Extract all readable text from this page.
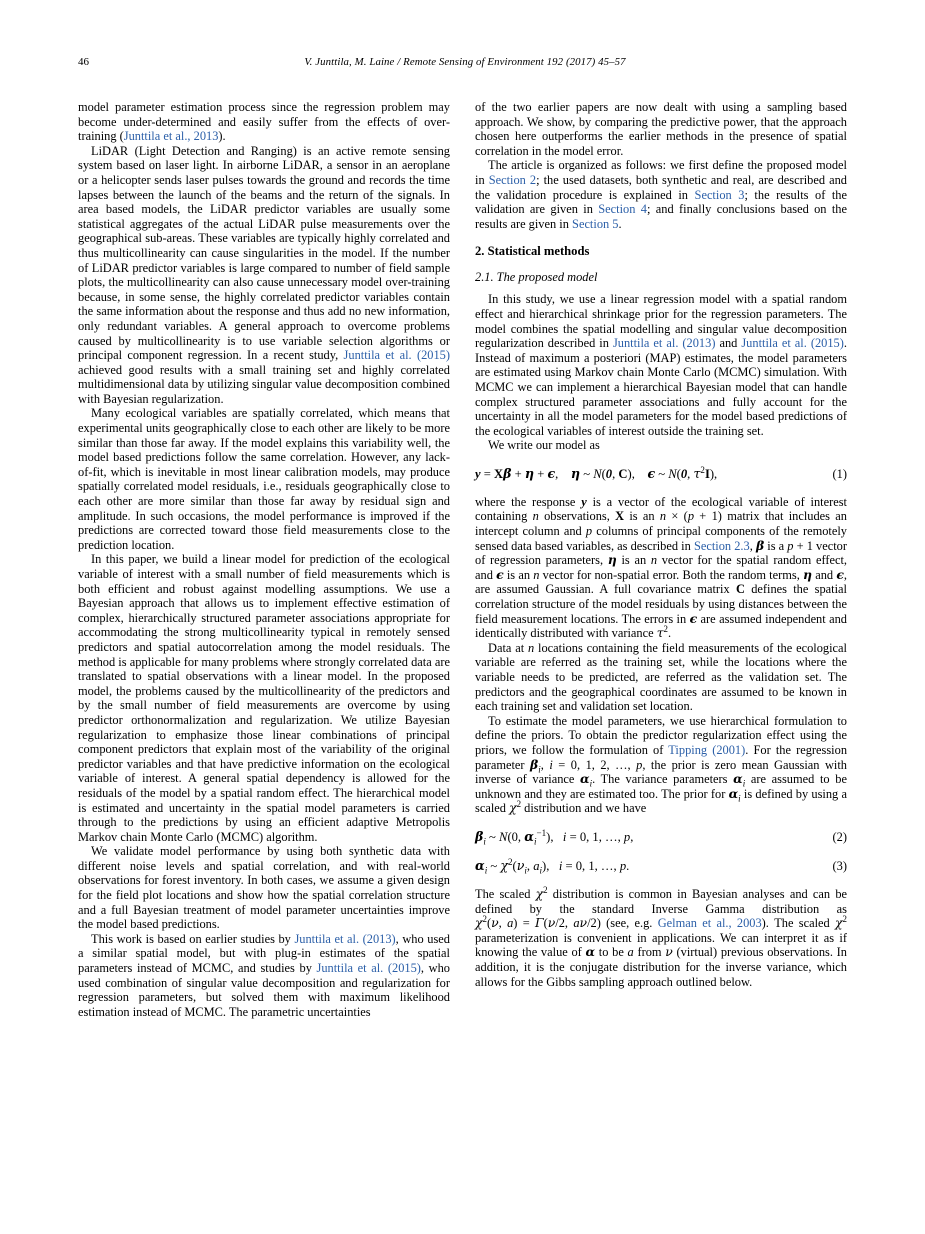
46	V. Junttila, M. Laine / Remote Sensing of Environment 192 (2017) 45–57

model parameter estimation process since the regression problem may become under-determined and easily suffer from the effects of over-training (Junttila et al., 2013).

LiDAR (Light Detection and Ranging) is an active remote sensing system based on laser light. In airborne LiDAR, a sensor in an aeroplane or a helicopter sends laser pulses towards the ground and records the time lapses between the launch of the beams and the return of the signals. In area based models, the LiDAR predictor variables are usually some statistical aggregates of the actual LiDAR pulse measurements over the geographical sub-areas. These variables are typically highly correlated and thus multicollinearity can cause singularities in the model. If the number of LiDAR predictor variables is large compared to number of field sample plots, the multicollinearity can also cause unnecessary model over-training because, in some sense, the highly correlated predictor variables contain the same information about the response and thus add no new information, only redundant variables. A general approach to overcome problems caused by multicollinearity is to use variable selection algorithms or principal component regression. In a recent study, Junttila et al. (2015) achieved good results with a small training set and highly correlated multidimensional data by utilizing singular value decomposition combined with Bayesian regularization.

Many ecological variables are spatially correlated, which means that experimental units geographically close to each other are likely to be more similar than those far away. If the model explains this variability well, the model based predictions follow the same correlation. However, any lack-of-fit, which is inevitable in most linear calibration models, may produce spatially correlated model residuals, i.e., residuals geographically close to each other are more similar than those far away by residual sign and amplitude. In such occasions, the model performance is improved if the predictions are corrected toward those field measurements close to the prediction location.

In this paper, we build a linear model for prediction of the ecological variable of interest with a small number of field measurements which is both efficient and robust against modelling assumptions. We use a Bayesian approach that allows us to implement effective estimation of complex, hierarchically structured parameter associations appropriate for accommodating the strong multicollinearity typical in remotely sensed predictors and spatial autocorrelation among the model residuals. The method is applicable for many problems where strongly correlated data are translated to spatial observations with a linear model. In the proposed model, the problems caused by the multicollinearity of the predictors and by the small number of field measurements are overcome by using predictor orthonormalization and regularization. We utilize Bayesian regularization to emphasize those linear combinations of principal component predictors that explain most of the variability of the original predictor variables and that have predictive information on the ecological variable of interest. A general spatial dependency is allowed for the residuals of the model by a spatial random effect. The hierarchical model is estimated and uncertainty in the spatial model parameters is carried through to the predictions by using an efficient adaptive Metropolis Markov chain Monte Carlo (MCMC) algorithm.

We validate model performance by using both synthetic data with different noise levels and spatial correlation, and with real-world observations for forest inventory. In both cases, we assume a given design for the field plot locations and show how the spatial correlation structure and a full Bayesian treatment of model parameter uncertainties improve the model based predictions.

This work is based on earlier studies by Junttila et al. (2013), who used a similar spatial model, but with plug-in estimates of the spatial parameters instead of MCMC, and studies by Junttila et al. (2015), who used combination of singular value decomposition and regularization for regression parameters, but solved them with maximum likelihood estimation instead of MCMC. The parametric uncertainties

of the two earlier papers are now dealt with using a sampling based approach. We show, by comparing the predictive power, that the approach chosen here outperforms the earlier methods in the presence of spatial correlation in the model error.

The article is organized as follows: we first define the proposed model in Section 2; the used datasets, both synthetic and real, are described and the validation procedure is explained in Section 3; the results of the validation are given in Section 4; and finally conclusions based on the results are given in Section 5.

2. Statistical methods
2.1. The proposed model

In this study, we use a linear regression model with a spatial random effect and hierarchical shrinkage prior for the regression parameters. The model combines the spatial modelling and singular value decomposition regularization described in Junttila et al. (2013) and Junttila et al. (2015). Instead of maximum a posteriori (MAP) estimates, the model parameters are estimated using Markov chain Monte Carlo (MCMC) simulation. With MCMC we can implement a hierarchical Bayesian model that can handle complex structured parameter associations and fully account for the uncertainty in all the model parameters for the model based predictions of the ecological variables of interest outside the training set.

We write our model as

y = Xβ + η + ϵ,    η ~ N(0, C),    ϵ ~ N(0, $\tau^2I$),	(1)

where the response y is a vector of the ecological variable of interest containing n observations, X is an n × (p + 1) matrix that includes an intercept column and p columns of principal components of the remotely sensed data based variables, as described in Section 2.3, β is a p + 1 vector of regression parameters, η is an n vector for the spatial random effect, and ϵ is an n vector for non-spatial error. Both the random terms, η and ϵ, are assumed Gaussian. A full covariance matrix C defines the spatial correlation structure of the model residuals by using distances between the field measurement locations. The errors in ϵ are assumed independent and identically distributed with variance $\tau^2$.

Data at n locations containing the field measurements of the ecological variable are referred as the training set, while the locations where the variable needs to be predicted, are referred as the validation set. The predictors and the geographical coordinates are assumed to be known in each training set and validation set location.

To estimate the model parameters, we use hierarchical formulation to define the priors. To obtain the predictor regularization effect using the priors, we follow the formulation of Tipping (2001). For the regression parameter $\beta_i$, i = 0, 1, 2, …, p, the prior is zero mean Gaussian with inverse of variance $\alpha_i$. The variance parameters $\alpha_i$ are assumed to be unknown and they are estimated too. The prior for $\alpha_i$ is defined by using a scaled $\chi^2$ distribution and we have

$\beta_i$ ~ N(0, $\alpha_i^{-1}$),   i = 0, 1, …, p,	(2)
$\alpha_i$ ~ $\chi^2(\nu_i$, $a_i$),   i = 0, 1, …, p.	(3)

The scaled $\chi^2$ distribution is common in Bayesian analyses and can be defined by the standard Inverse Gamma distribution as $\chi^2(\nu$, a) = Γ(ν/2, aν/2) (see, e.g. Gelman et al., 2003). The scaled $\chi^2$ parameterization is convenient in applications. We can interpret it as if knowing the value of α to be a from ν (virtual) previous observations. In addition, it is the conjugate distribution for the inverse variance, which allows for the Gibbs sampling approach outlined below.
